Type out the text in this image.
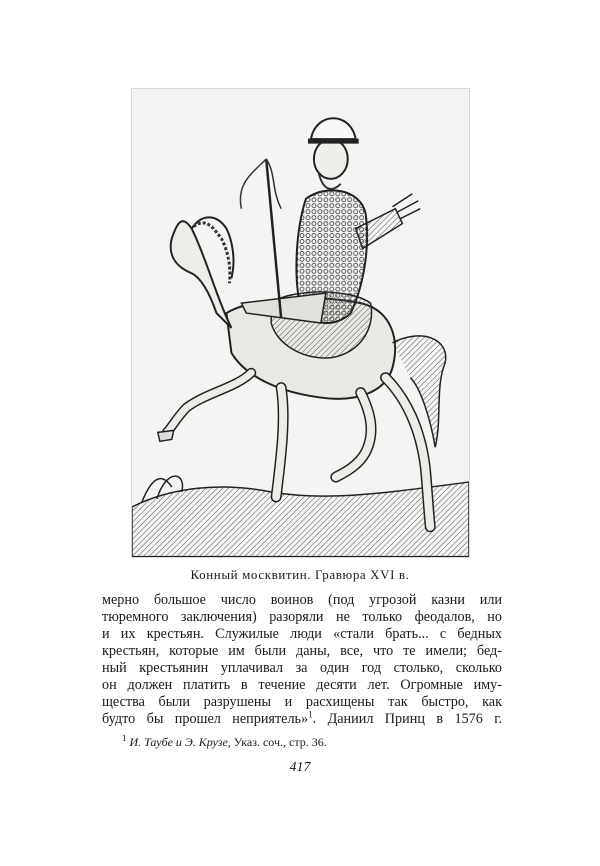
Конный москвитин. Гравюра XVI в.
мерно большое число воинов (под угрозой казни или
тюремного заключения) разоряли не только феодалов, но
и их крестьян. Служилые люди «стали брать... с бедных
крестьян, которые им были даны, все, что те имели; бед-
ный крестьянин уплачивал за один год столько, сколько
он должен платить в течение десяти лет. Огромные иму-
щества были разрушены и расхищены так быстро, как
будто бы прошел неприятель»$^1$. Даниил Принц в 1576 г.
$^1$ И. Таубе и Э. Крузе, Указ. соч., стр. 36.
417
